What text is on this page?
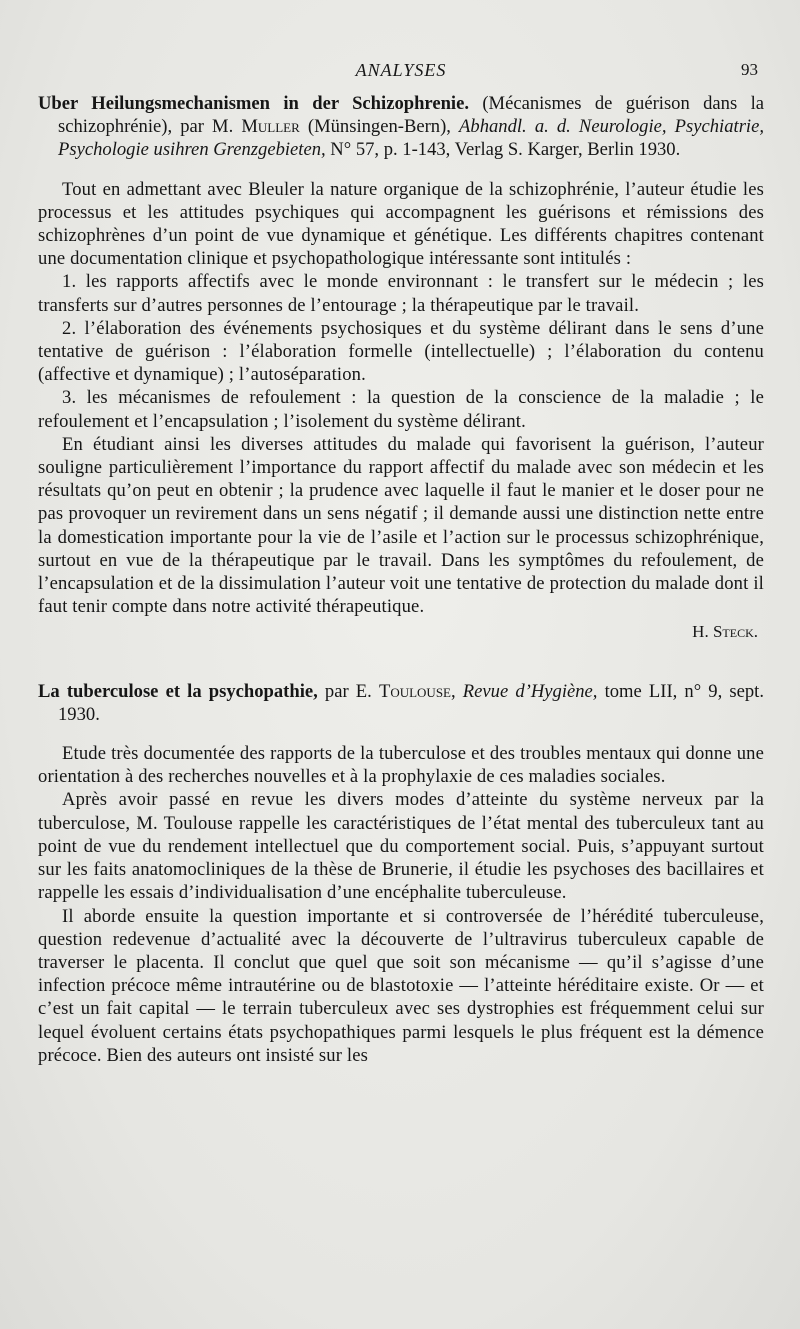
ANALYSES	93
Uber Heilungsmechanismen in der Schizophrenie. (Mécanismes de guérison dans la schizophrénie), par M. Muller (Münsingen-Bern), Abhandl. a. d. Neurologie, Psychiatrie, Psychologie usihren Grenzgebieten, N° 57, p. 1-143, Verlag S. Karger, Berlin 1930.

Tout en admettant avec Bleuler la nature organique de la schizophrénie, l’auteur étudie les processus et les attitudes psychiques qui accompagnent les guérisons et rémissions des schizophrènes d’un point de vue dynamique et génétique. Les différents chapitres contenant une documentation clinique et psychopathologique intéressante sont intitulés :

1. les rapports affectifs avec le monde environnant : le transfert sur le médecin ; les transferts sur d’autres personnes de l’entourage ; la thérapeutique par le travail.

2. l’élaboration des événements psychosiques et du système délirant dans le sens d’une tentative de guérison : l’élaboration formelle (intellectuelle) ; l’élaboration du contenu (affective et dynamique) ; l’autoséparation.

3. les mécanismes de refoulement : la question de la conscience de la maladie ; le refoulement et l’encapsulation ; l’isolement du système délirant.

En étudiant ainsi les diverses attitudes du malade qui favorisent la guérison, l’auteur souligne particulièrement l’importance du rapport affectif du malade avec son médecin et les résultats qu’on peut en obtenir ; la prudence avec laquelle il faut le manier et le doser pour ne pas provoquer un revirement dans un sens négatif ; il demande aussi une distinction nette entre la domestication importante pour la vie de l’asile et l’action sur le processus schizophrénique, surtout en vue de la thérapeutique par le travail. Dans les symptômes du refoulement, de l’encapsulation et de la dissimulation l’auteur voit une tentative de protection du malade dont il faut tenir compte dans notre activité thérapeutique.

H. Steck.
La tuberculose et la psychopathie, par E. Toulouse, Revue d’Hygiène, tome LII, n° 9, sept. 1930.

Etude très documentée des rapports de la tuberculose et des troubles mentaux qui donne une orientation à des recherches nouvelles et à la prophylaxie de ces maladies sociales.

Après avoir passé en revue les divers modes d’atteinte du système nerveux par la tuberculose, M. Toulouse rappelle les caractéristiques de l’état mental des tuberculeux tant au point de vue du rendement intellectuel que du comportement social. Puis, s’appuyant surtout sur les faits anatomocliniques de la thèse de Brunerie, il étudie les psychoses des bacillaires et rappelle les essais d’individualisation d’une encéphalite tuberculeuse.

Il aborde ensuite la question importante et si controversée de l’hérédité tuberculeuse, question redevenue d’actualité avec la découverte de l’ultravirus tuberculeux capable de traverser le placenta. Il conclut que quel que soit son mécanisme — qu’il s’agisse d’une infection précoce même intrautérine ou de blastotoxie — l’atteinte héréditaire existe. Or — et c’est un fait capital — le terrain tuberculeux avec ses dystrophies est fréquemment celui sur lequel évoluent certains états psychopathiques parmi lesquels le plus fréquent est la démence précoce. Bien des auteurs ont insisté sur les
